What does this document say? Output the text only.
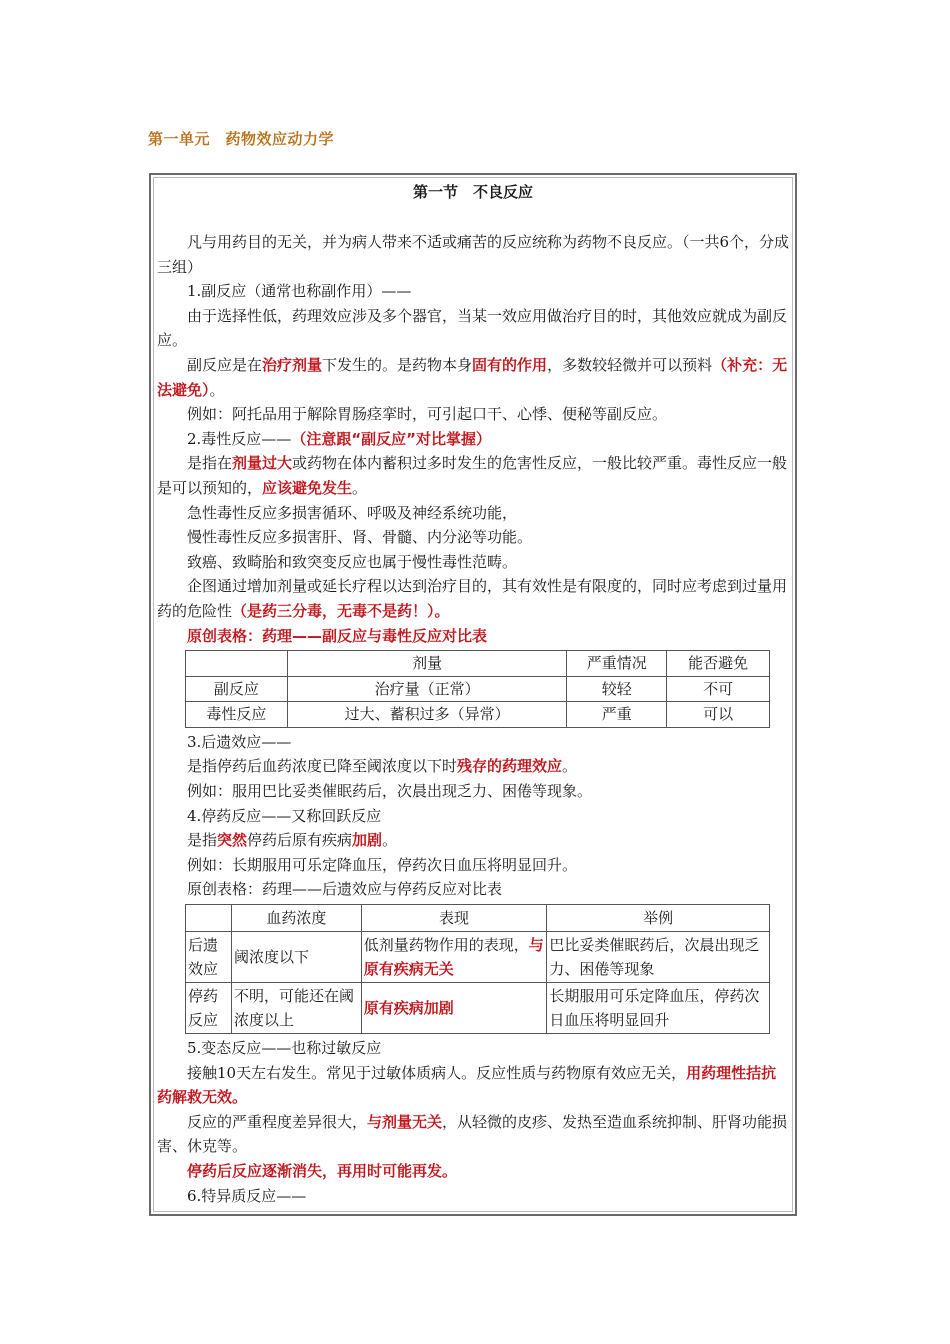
第一单元　药物效应动力学
第一节　不良反应

凡与用药目的无关，并为病人带来不适或痛苦的反应统称为药物不良反应。（一共6个，分成三组）

1.副反应（通常也称副作用）——

由于选择性低，药理效应涉及多个器官，当某一效应用做治疗目的时，其他效应就成为副反应。

副反应是在治疗剂量下发生的。是药物本身固有的作用，多数较轻微并可以预料（补充：无法避免）。

例如：阿托品用于解除胃肠痉挛时，可引起口干、心悸、便秘等副反应。

2.毒性反应——（注意跟“副反应”对比掌握）

是指在剂量过大或药物在体内蓄积过多时发生的危害性反应，一般比较严重。毒性反应一般是可以预知的，应该避免发生。

急性毒性反应多损害循环、呼吸及神经系统功能，

慢性毒性反应多损害肝、肾、骨髓、内分泌等功能。

致癌、致畸胎和致突变反应也属于慢性毒性范畴。

企图通过增加剂量或延长疗程以达到治疗目的，其有效性是有限度的，同时应考虑到过量用药的危险性（是药三分毒，无毒不是药！）。

原创表格：药理——副反应与毒性反应对比表

	剂量	严重情况	能否避免
副反应	治疗量（正常）	较轻	不可
毒性反应	过大、蓄积过多（异常）	严重	可以

3.后遗效应——

是指停药后血药浓度已降至阈浓度以下时残存的药理效应。

例如：服用巴比妥类催眠药后，次晨出现乏力、困倦等现象。

4.停药反应——又称回跃反应

是指突然停药后原有疾病加剧。

例如：长期服用可乐定降血压，停药次日血压将明显回升。

原创表格：药理——后遗效应与停药反应对比表

	血药浓度	表现	举例
后遗效应	阈浓度以下	低剂量药物作用的表现，与原有疾病无关	巴比妥类催眠药后，次晨出现乏力、困倦等现象
停药反应	不明，可能还在阈浓度以上	原有疾病加剧	长期服用可乐定降血压，停药次日血压将明显回升

5.变态反应——也称过敏反应

接触10天左右发生。常见于过敏体质病人。反应性质与药物原有效应无关，用药理性拮抗药解救无效。

反应的严重程度差异很大，与剂量无关，从轻微的皮疹、发热至造血系统抑制、肝肾功能损害、休克等。

停药后反应逐渐消失，再用时可能再发。

6.特异质反应——
